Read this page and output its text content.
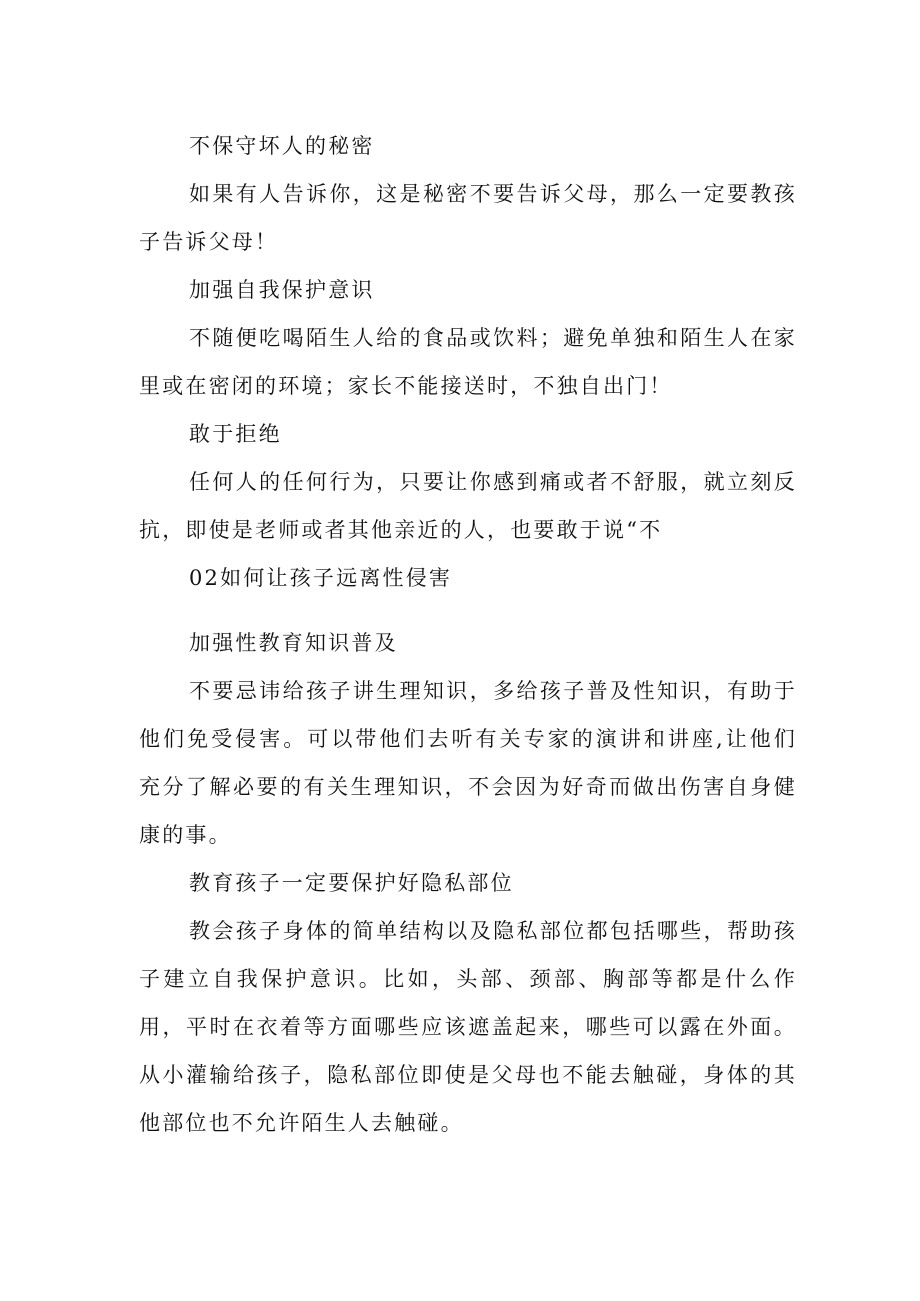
不保守坏人的秘密

如果有人告诉你，这是秘密不要告诉父母，那么一定要教孩子告诉父母！

加强自我保护意识

不随便吃喝陌生人给的食品或饮料；避免单独和陌生人在家里或在密闭的环境；家长不能接送时，不独自出门！

敢于拒绝

任何人的任何行为，只要让你感到痛或者不舒服，就立刻反抗，即使是老师或者其他亲近的人，也要敢于说“不

02如何让孩子远离性侵害

加强性教育知识普及

不要忌讳给孩子讲生理知识，多给孩子普及性知识，有助于他们免受侵害。可以带他们去听有关专家的演讲和讲座,让他们充分了解必要的有关生理知识，不会因为好奇而做出伤害自身健康的事。

教育孩子一定要保护好隐私部位

教会孩子身体的简单结构以及隐私部位都包括哪些，帮助孩子建立自我保护意识。比如，头部、颈部、胸部等都是什么作用，平时在衣着等方面哪些应该遮盖起来，哪些可以露在外面。从小灌输给孩子，隐私部位即使是父母也不能去触碰，身体的其他部位也不允许陌生人去触碰。
